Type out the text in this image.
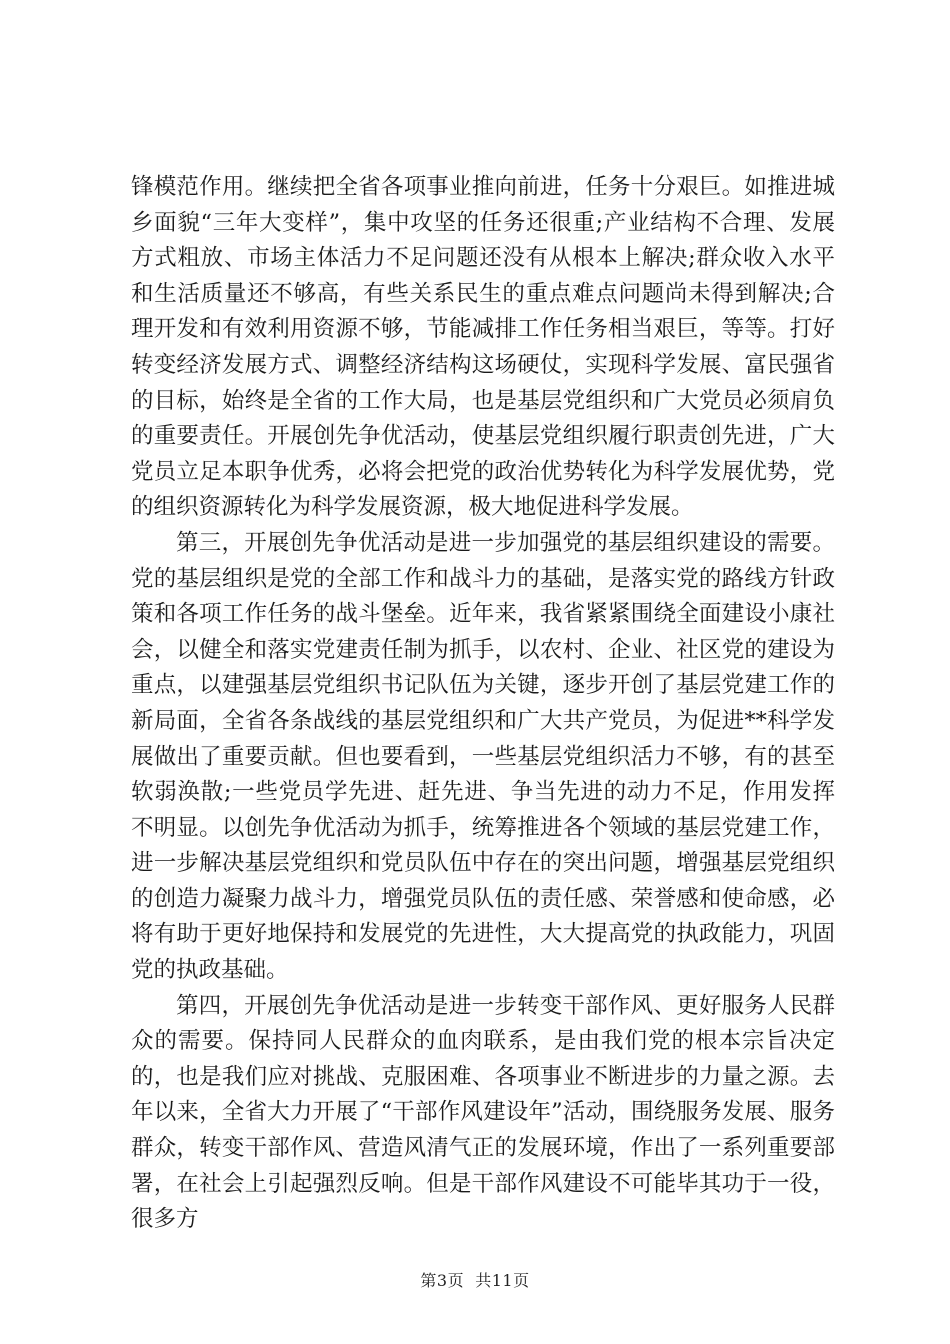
锋模范作用。继续把全省各项事业推向前进，任务十分艰巨。如推进城乡面貌“三年大变样”，集中攻坚的任务还很重;产业结构不合理、发展方式粗放、市场主体活力不足问题还没有从根本上解决;群众收入水平和生活质量还不够高，有些关系民生的重点难点问题尚未得到解决;合理开发和有效利用资源不够，节能减排工作任务相当艰巨，等等。打好转变经济发展方式、调整经济结构这场硬仗，实现科学发展、富民强省的目标，始终是全省的工作大局，也是基层党组织和广大党员必须肩负的重要责任。开展创先争优活动，使基层党组织履行职责创先进，广大党员立足本职争优秀，必将会把党的政治优势转化为科学发展优势，党的组织资源转化为科学发展资源，极大地促进科学发展。

第三，开展创先争优活动是进一步加强党的基层组织建设的需要。党的基层组织是党的全部工作和战斗力的基础，是落实党的路线方针政策和各项工作任务的战斗堡垒。近年来，我省紧紧围绕全面建设小康社会，以健全和落实党建责任制为抓手，以农村、企业、社区党的建设为重点，以建强基层党组织书记队伍为关键，逐步开创了基层党建工作的新局面，全省各条战线的基层党组织和广大共产党员，为促进**科学发展做出了重要贡献。但也要看到，一些基层党组织活力不够，有的甚至软弱涣散;一些党员学先进、赶先进、争当先进的动力不足，作用发挥不明显。以创先争优活动为抓手，统筹推进各个领域的基层党建工作，进一步解决基层党组织和党员队伍中存在的突出问题，增强基层党组织的创造力凝聚力战斗力，增强党员队伍的责任感、荣誉感和使命感，必将有助于更好地保持和发展党的先进性，大大提高党的执政能力，巩固党的执政基础。

第四，开展创先争优活动是进一步转变干部作风、更好服务人民群众的需要。保持同人民群众的血肉联系，是由我们党的根本宗旨决定的，也是我们应对挑战、克服困难、各项事业不断进步的力量之源。去年以来，全省大力开展了“干部作风建设年”活动，围绕服务发展、服务群众，转变干部作风、营造风清气正的发展环境，作出了一系列重要部署，在社会上引起强烈反响。但是干部作风建设不可能毕其功于一役，很多方

第3页  共11页
